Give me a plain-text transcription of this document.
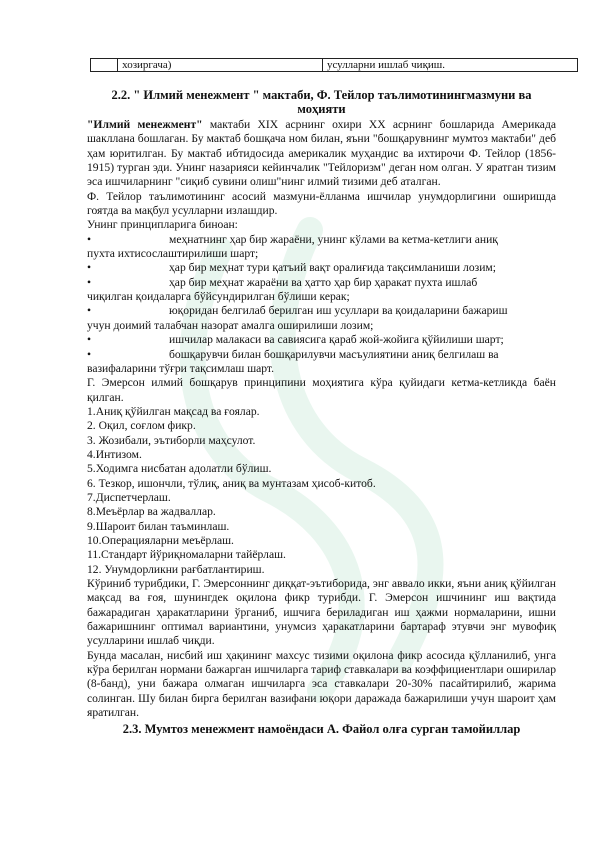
	хозиргача)	усулларни ишлаб чиқиш.
2.2. " Илмий менежмент " мактаби, Ф. Тейлор таълимотинингмазмуни ва моҳияти

"Илмий менежмент" мактаби XIX асрнинг охири XX асрнинг бошларида Америкада шаклланa бошлаган. Бу мактаб бошқача ном билан, яъни "бошқарувнинг мумтоз мактаби" деб ҳам юритилган. Бу мактаб ибтидосида америкалик муҳандис ва ихтирочи Ф. Тейлор (1856-1915) турган эди. Унинг назарияси кейинчалик "Тейлоризм" деган ном олган. У яратган тизим эса ишчиларнинг "сиқиб сувини олиш"нинг илмий тизими деб аталган.

Ф. Тейлор таълимотининг асосий мазмуни-ёлланма ишчилар унумдорлигини оширишда гоятда ва мақбул усулларни излашдир.

Унинг принципларига биноан:

•	меҳнатнинг ҳар бир жараёни, унинг кўлами ва кетма-кетлиги аниқ
пухта ихтисослаштирилиши шарт;
•	ҳар бир меҳнат тури қатъий вақт оралиғида тақсимланиши лозим;
•	ҳар бир меҳнат жараёни ва ҳатто ҳар бир ҳаракат пухта ишлаб
чиқилган қоидаларга бўйсундирилган бўлиши керак;
•	юқоридан белгилаб берилган иш усуллари ва қоидаларини бажариш
учун доимий талабчан назорат амалга оширилиши лозим;
•	ишчилар малакаси ва савиясига қараб жой-жойига қўйилиши шарт;
•	бошқарувчи билан бошқарилувчи масъулиятини аниқ белгилаш ва
вазифаларини тўғри тақсимлаш шарт.

Г. Эмерсон илмий бошқарув принципини моҳиятига кўра қуйидаги кетма-кетликда баён қилган.

1.Аниқ қўйилган мақсад ва ғоялар.
2. Оқил, соғлом фикр.
3. Жозибали, эътиборли маҳсулот.
4.Интизом.
5.Ходимга нисбатан адолатли бўлиш.
6. Тезкор, ишончли, тўлиқ, аниқ ва мунтазам ҳисоб-китоб.
7.Диспетчерлаш.
8.Меъёрлар ва жадваллар.
9.Шароит билан таъминлаш.
10.Операцияларни меъёрлаш.
11.Стандарт йўриқномаларни тайёрлаш.
12. Унумдорликни рағбатлантириш.

Кўриниб турибдики, Г. Эмерсоннинг диққат-эътиборида, энг аввало икки, яъни аниқ қўйилган мақсад ва ғоя, шунингдек оқилона фикр турибди. Г. Эмерсон ишчининг иш вақтида бажарадиган ҳаракатларини ўрганиб, ишчига бериладиган иш ҳажми нормаларини, ишни бажаришнинг оптимал вариантини, унумсиз ҳаракатларини бартараф этувчи энг мувофиқ усулларини ишлаб чиқди.

Бунда масалан, нисбий иш ҳақининг махсус тизими оқилона фикр асосида қўлланилиб, унга кўра берилган нормани бажарган ишчиларга тариф ставкалари ва коэффициентлари оширилар (8-банд), уни бажара олмаган ишчиларга эса ставкалари 20-30% пасайтирилиб, жарима солинган. Шу билан бирга берилган вазифани юқори даражада бажарилиши учун шароит ҳам яратилган.

2.3. Мумтоз менежмент намоёндаси А. Файол олға сурган тамойиллар
